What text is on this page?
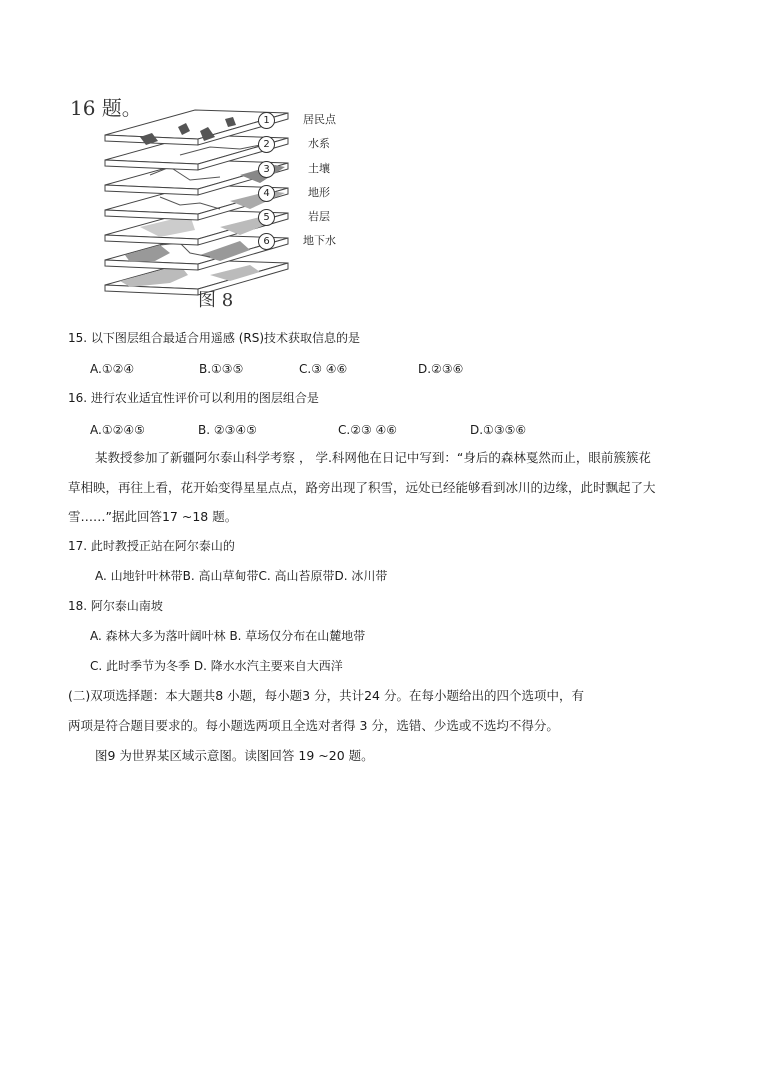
16 题。
1	居民点
2	水系
3	土壤
4	地形
5	岩层
6	地下水
图 8
15. 以下图层组合最适合用遥感 (RS)技术获取信息的是
A.①②④	B.①③⑤	C.③ ④⑥	D.②③⑥
16. 进行农业适宜性评价可以利用的图层组合是
A.①②④⑤	B. ②③④⑤	C.②③ ④⑥	D.①③⑤⑥
某教授参加了新疆阿尔泰山科学考察 ， 学.科网他在日记中写到：“身后的森林戛然而止，眼前簇簇花
草相映，再往上看，花开始变得星星点点，路旁出现了积雪，远处已经能够看到冰川的边缘，此时飘起了大
雪……”据此回答17 ~18 题。
17. 此时教授正站在阿尔泰山的
A. 山地针叶林带B. 高山草甸带C. 高山苔原带D. 冰川带
18. 阿尔泰山南坡
A. 森林大多为落叶阔叶林 B. 草场仅分布在山麓地带
C. 此时季节为冬季 D. 降水水汽主要来自大西洋
(二)双项选择题：本大题共8 小题，每小题3 分，共计24 分。在每小题给出的四个选项中，有
两项是符合题目要求的。每小题选两项且全选对者得 3 分，选错、少选或不选均不得分。
图9 为世界某区域示意图。读图回答 19 ~20 题。
